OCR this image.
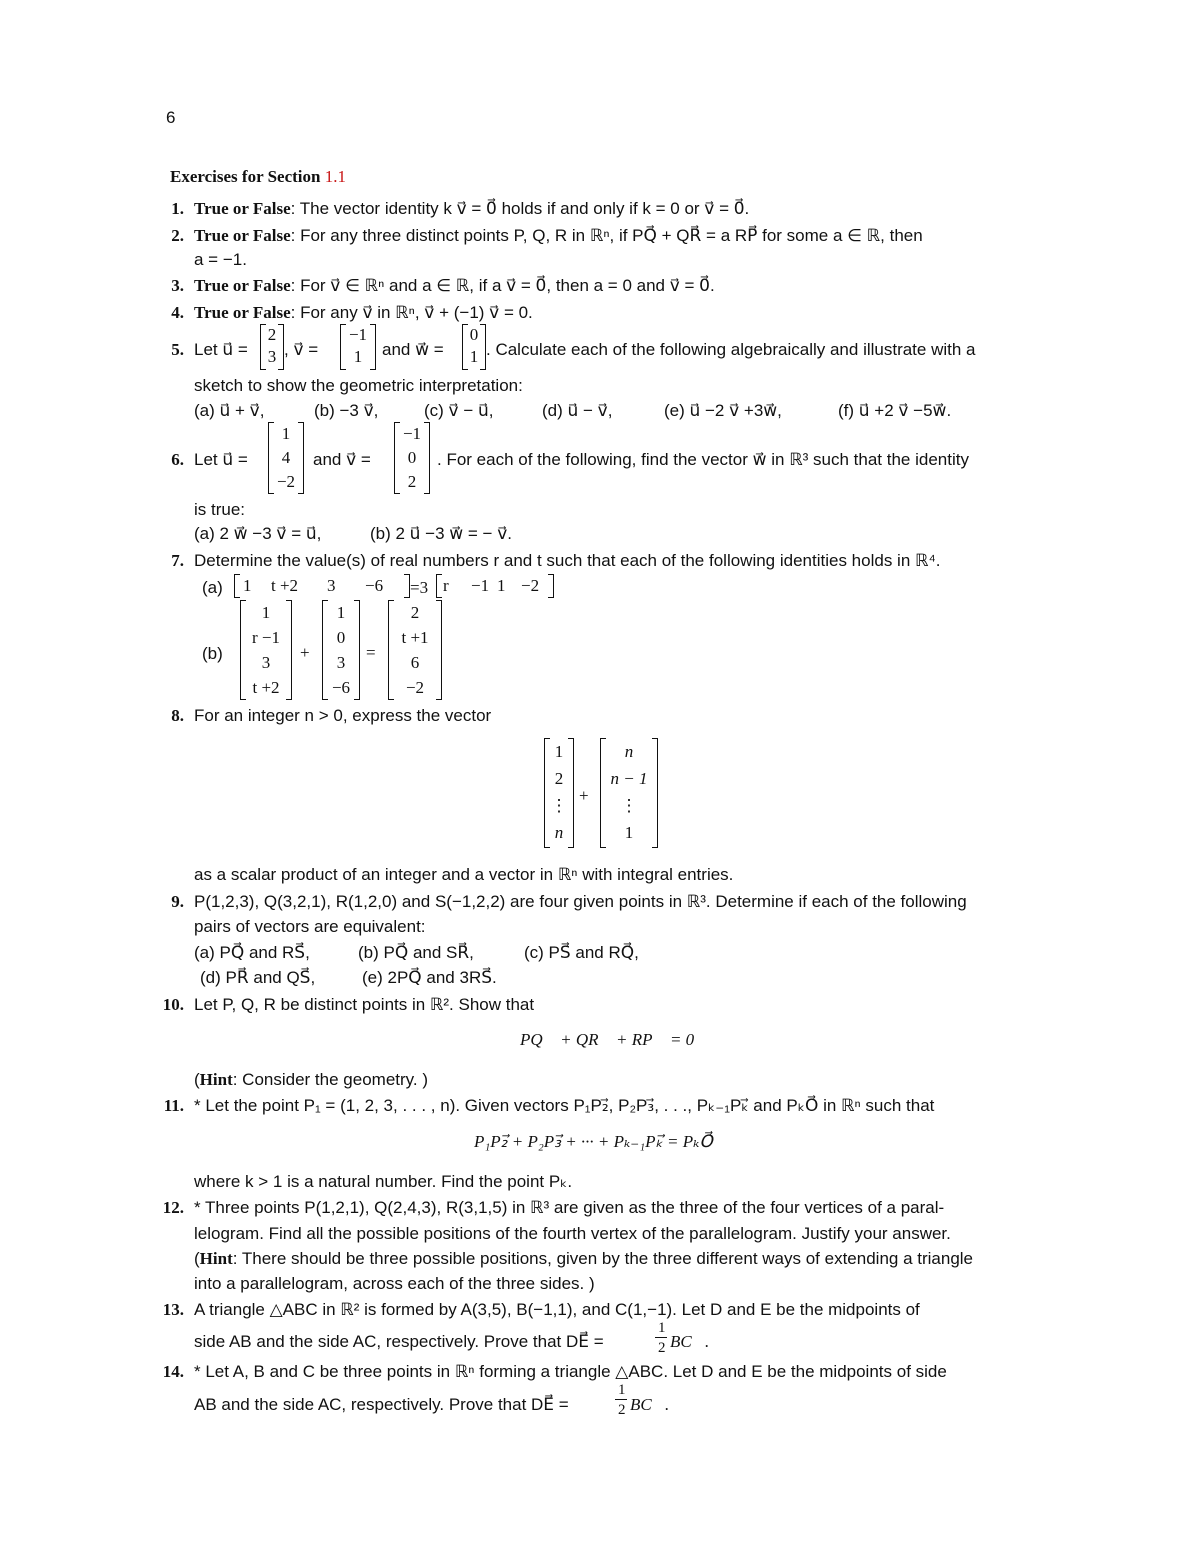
6
Exercises for Section 1.1
1. True or False: The vector identity k v⃗ = 0⃗ holds if and only if k = 0 or v⃗ = 0⃗.
2. True or False: For any three distinct points P, Q, R in ℝⁿ, if PQ⃗ + QR⃗ = a RP⃗ for some a ∈ ℝ, then
a = −1.
3. True or False: For v⃗ ∈ ℝⁿ and a ∈ ℝ, if a v⃗ = 0⃗, then a = 0 and v⃗ = 0⃗.
4. True or False: For any v⃗ in ℝⁿ, v⃗ + (−1) v⃗ = 0.
5. Let u⃗ =
2
3 , v⃗ =
−1
1	and w⃗ =
0
1 . Calculate each of the following algebraically and illustrate with a
sketch to show the geometric interpretation:
(a) u⃗ + v⃗,	(b) −3 v⃗,	(c) v⃗ − u⃗,	(d) u⃗ − v⃗,	(e) u⃗ −2 v⃗ +3w⃗,	(f) u⃗ +2 v⃗ −5w⃗.
6. Let u⃗ =
1
4
−2
and v⃗ =
−1
0
2
. For each of the following, find the vector w⃗ in ℝ³ such that the identity
is true:
(a) 2 w⃗ −3 v⃗ = u⃗,	(b) 2 u⃗ −3 w⃗ = − v⃗.
7. Determine the value(s) of real numbers r and t such that each of the following identities holds in ℝ⁴.
(a) 1 t +2 3 −6 =3 r −1 1 −2
(b)
1
r −1
3
t +2
+
1
0
3
−6
=
2
t +1
6
−2
8. For an integer n > 0, express the vector
1
2
⋮
n
+
n
n − 1
⋮
1
as a scalar product of an integer and a vector in ℝⁿ with integral entries.
9. P(1,2,3), Q(3,2,1), R(1,2,0) and S(−1,2,2) are four given points in ℝ³. Determine if each of the following
pairs of vectors are equivalent:
(a) PQ⃗ and RS⃗,	(b) PQ⃗ and SR⃗,	(c) PS⃗ and RQ⃗,
(d) PR⃗ and QS⃗,	(e) 2PQ⃗ and 3RS⃗.
10. Let P, Q, R be distinct points in ℝ². Show that
PQ⃗ + QR⃗ + RP⃗ = 0⃗
(Hint: Consider the geometry. )
11. * Let the point P₁ = (1, 2, 3, . . . , n). Given vectors P₁P₂⃗, P₂P₃⃗, . . ., Pₖ₋₁Pₖ⃗ and PₖO⃗ in ℝⁿ such that
P₁P₂⃗ + P₂P₃⃗ + ··· + Pₖ₋₁Pₖ⃗ = PₖO⃗
where k > 1 is a natural number. Find the point Pₖ.
12. * Three points P(1,2,1), Q(2,4,3), R(3,1,5) in ℝ³ are given as the three of the four vertices of a paral-
lelogram. Find all the possible positions of the fourth vertex of the parallelogram. Justify your answer.
(Hint: There should be three possible positions, given by the three different ways of extending a triangle
into a parallelogram, across each of the three sides. )
13. A triangle △ABC in ℝ² is formed by A(3,5), B(−1,1), and C(1,−1). Let D and E be the midpoints of
side AB and the side AC, respectively. Prove that DE⃗ =
1
2 BC⃗.
14. * Let A, B and C be three points in ℝⁿ forming a triangle △ABC. Let D and E be the midpoints of side
AB and the side AC, respectively. Prove that DE⃗ =
1
2 BC⃗.
